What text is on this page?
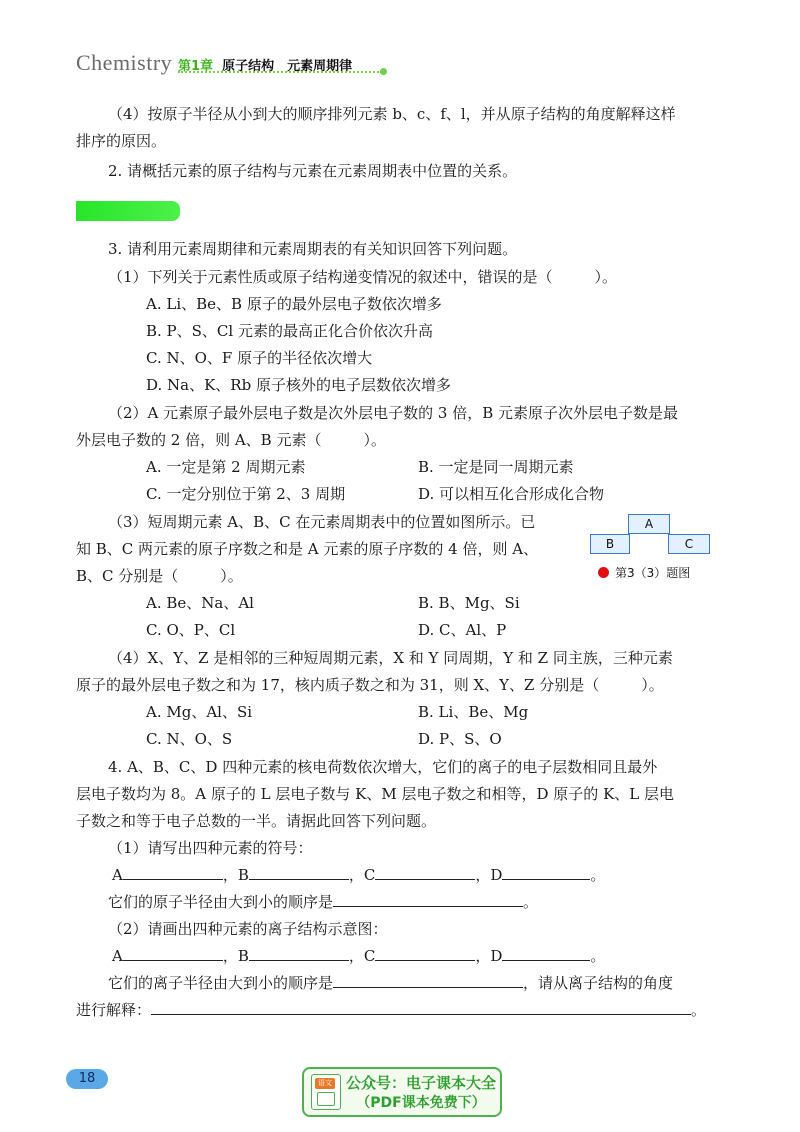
Chemistry 第1章 原子结构　元素周期律
（4）按原子半径从小到大的顺序排列元素 b、c、f、l，并从原子结构的角度解释这样
排序的原因。
2. 请概括元素的原子结构与元素在元素周期表中位置的关系。
3. 请利用元素周期律和元素周期表的有关知识回答下列问题。
（1）下列关于元素性质或原子结构递变情况的叙述中，错误的是（	）。
A. Li、Be、B 原子的最外层电子数依次增多
B. P、S、Cl 元素的最高正化合价依次升高
C. N、O、F 原子的半径依次增大
D. Na、K、Rb 原子核外的电子层数依次增多
（2）A 元素原子最外层电子数是次外层电子数的 3 倍，B 元素原子次外层电子数是最
外层电子数的 2 倍，则 A、B 元素（	）。
A. 一定是第 2 周期元素	B. 一定是同一周期元素
C. 一定分别位于第 2、3 周期	D. 可以相互化合形成化合物
（3）短周期元素 A、B、C 在元素周期表中的位置如图所示。已
知 B、C 两元素的原子序数之和是 A 元素的原子序数的 4 倍，则 A、
B、C 分别是（	）。
A
B	C
第3（3）题图
A. Be、Na、Al	B. B、Mg、Si
C. O、P、Cl	D. C、Al、P
（4）X、Y、Z 是相邻的三种短周期元素，X 和 Y 同周期，Y 和 Z 同主族，三种元素
原子的最外层电子数之和为 17，核内质子数之和为 31，则 X、Y、Z 分别是（	）。
A. Mg、Al、Si	B. Li、Be、Mg
C. N、O、S	D. P、S、O
4. A、B、C、D 四种元素的核电荷数依次增大，它们的离子的电子层数相同且最外
层电子数均为 8。A 原子的 L 层电子数与 K、M 层电子数之和相等，D 原子的 K、L 层电
子数之和等于电子总数的一半。请据此回答下列问题。
（1）请写出四种元素的符号：
A	，B	，C	，D	。
它们的原子半径由大到小的顺序是	。
（2）请画出四种元素的离子结构示意图：
A	，B	，C	，D	。
它们的离子半径由大到小的顺序是	，请从离子结构的角度
进行解释：	。
18	语文 公众号：电子课本大全
（PDF课本免费下）
